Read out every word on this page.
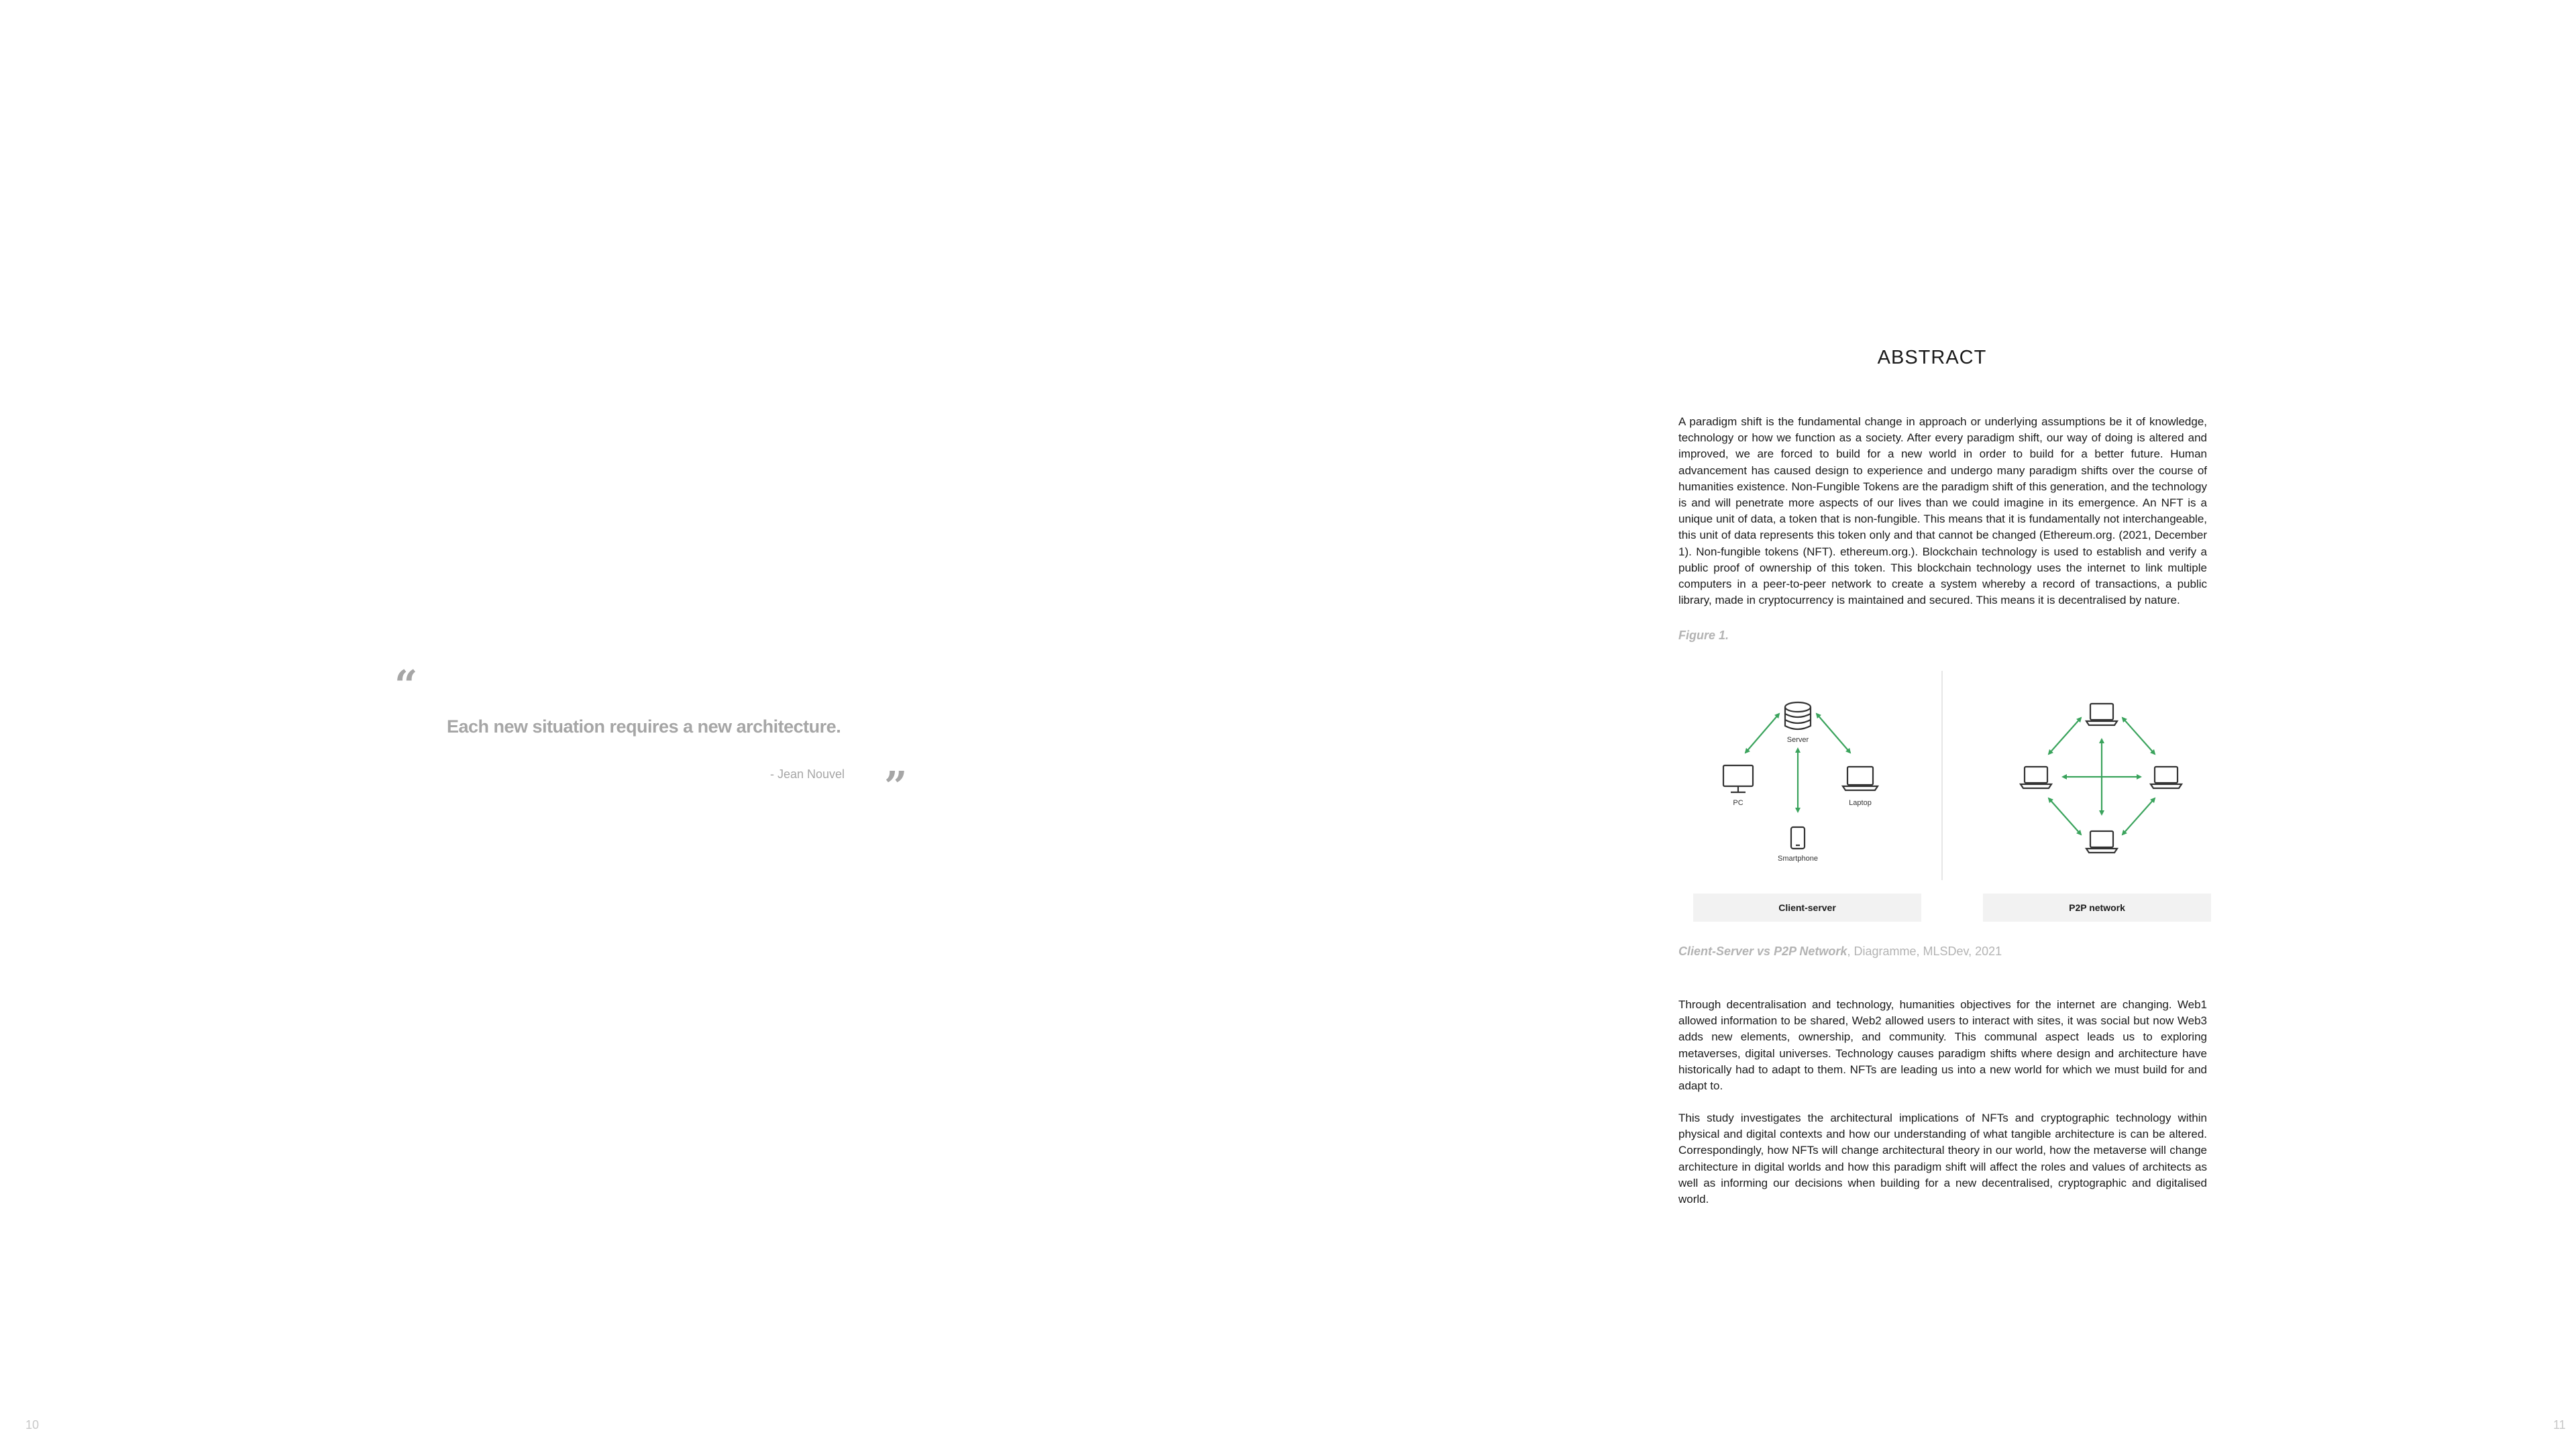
“
Each new situation requires a new architecture.
- Jean Nouvel ”
10
ABSTRACT

A paradigm shift is the fundamental change in approach or underlying assumptions be it of knowledge, technology or how we function as a society. After every paradigm shift, our way of doing is altered and improved, we are forced to build for a new world in order to build for a better future. Human advancement has caused design to experience and undergo many paradigm shifts over the course of humanities existence. Non-Fungible Tokens are the paradigm shift of this generation, and the technology is and will penetrate more aspects of our lives than we could imagine in its emergence. An NFT is a unique unit of data, a token that is non-fungible. This means that it is fundamentally not interchangeable, this unit of data represents this token only and that cannot be changed (Ethereum.org. (2021, December 1). Non-fungible tokens (NFT). ethereum.org.). Blockchain technology is used to establish and verify a public proof of ownership of this token. This blockchain technology uses the internet to link multiple computers in a peer-to-peer network to create a system whereby a record of transactions, a public library, made in cryptocurrency is maintained and secured. This means it is decentralised by nature.

Figure 1.
Server
PC	Laptop
Smartphone
Client-server	P2P network
Client-Server vs P2P Network, Diagramme, MLSDev, 2021

Through decentralisation and technology, humanities objectives for the internet are changing. Web1 allowed information to be shared, Web2 allowed users to interact with sites, it was social but now Web3 adds new elements, ownership, and community. This communal aspect leads us to exploring metaverses, digital universes. Technology causes paradigm shifts where design and architecture have historically had to adapt to them. NFTs are leading us into a new world for which we must build for and adapt to.

This study investigates the architectural implications of NFTs and cryptographic technology within physical and digital contexts and how our understanding of what tangible architecture is can be altered. Correspondingly, how NFTs will change architectural theory in our world, how the metaverse will change architecture in digital worlds and how this paradigm shift will affect the roles and values of architects as well as informing our decisions when building for a new decentralised, cryptographic and digitalised world.

11
